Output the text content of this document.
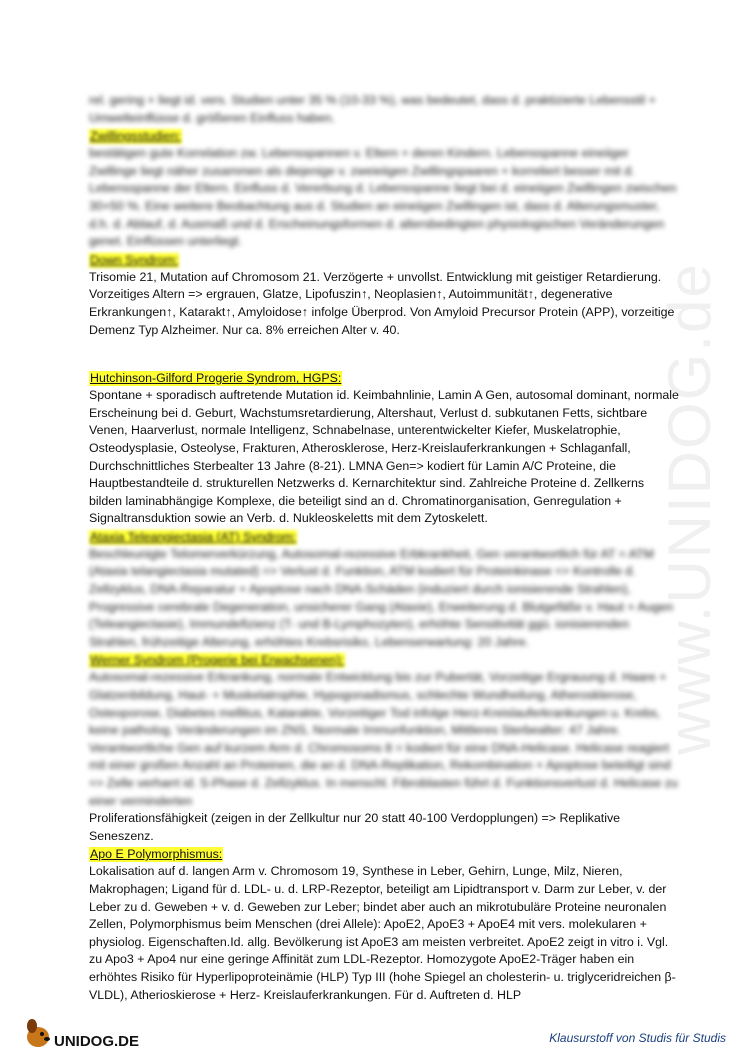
www.UNIDOG.de

rel. gering + liegt id. vers. Studien unter 35 % (10-33 %), was bedeutet, dass d. praktizierte Lebensstil + Umwelteinflüsse d. größeren Einfluss haben.

Zwillingsstudien:

bestätigen gute Korrelation zw. Lebensspannen v. Eltern + deren Kindern. Lebensspanne eineiiger Zwillinge liegt näher zusammen als diejenige v. zweieiigen Zwillingspaaren + korreliert besser mit d. Lebensspanne der Eltern. Einfluss d. Vererbung d. Lebensspanne liegt bei d. eineiigen Zwillingen zwischen 30+50 %. Eine weitere Beobachtung aus d. Studien an eineiigen Zwillingen ist, dass d. Alterungsmuster, d.h. d. Ablauf, d. Ausmaß und d. Erscheinungsformen d. altersbedingten physiologischen Veränderungen genet. Einflüssen unterliegt.

Down Syndrom:

Trisomie 21, Mutation auf Chromosom 21. Verzögerte + unvollst. Entwicklung mit geistiger Retardierung. Vorzeitiges Altern => ergrauen, Glatze, Lipofuszin↑, Neoplasien↑, Autoimmunität↑, degenerative Erkrankungen↑, Katarakt↑, Amyloidose↑ infolge Überprod. Von Amyloid Precursor Protein (APP), vorzeitige Demenz Typ Alzheimer. Nur ca. 8% erreichen Alter v. 40.

Hutchinson-Gilford Progerie Syndrom, HGPS:

Spontane + sporadisch auftretende Mutation id. Keimbahnlinie, Lamin A Gen, autosomal dominant, normale Erscheinung bei d. Geburt, Wachstumsretardierung, Altershaut, Verlust d. subkutanen Fetts, sichtbare Venen, Haarverlust, normale Intelligenz, Schnabelnase, unterentwickelter Kiefer, Muskelatrophie, Osteodysplasie, Osteolyse, Frakturen, Atherosklerose, Herz-Kreislauferkrankungen + Schlaganfall, Durchschnittliches Sterbealter 13 Jahre (8-21). LMNA Gen=> kodiert für Lamin A/C Proteine, die Hauptbestandteile d. strukturellen Netzwerks d. Kernarchitektur sind. Zahlreiche Proteine d. Zellkerns bilden laminabhängige Komplexe, die beteiligt sind an d. Chromatinorganisation, Genregulation + Signaltransduktion sowie an Verb. d. Nukleoskeletts mit dem Zytoskelett.

Ataxia Teleangiectasia (AT) Syndrom:

Beschleunigte Telomerverkürzung, Autosomal-rezessive Erbkrankheit, Gen verantwortlich für AT = ATM (Ataxia telangiectasia mutated) => Verlust d. Funktion, ATM kodiert für Proteinkinase => Kontrolle d. Zellzyklus, DNA-Reparatur + Apoptose nach DNA-Schäden (induziert durch ionisierende Strahlen), Progressive cerebrale Degeneration, unsicherer Gang (Ataxie), Erweiterung d. Blutgefäße v. Haut + Augen (Teleangiectasie), Immundefizienz (T- und B-Lymphozyten), erhöhte Sensitivität ggü. ionisierenden Strahlen, frühzeitige Alterung, erhöhtes Krebsrisiko, Lebenserwartung: 20 Jahre.

Werner Syndrom (Progerie bei Erwachsenen):

Autosomal-rezessive Erkrankung, normale Entwicklung bis zur Pubertät, Vorzeitige Ergrauung d. Haare + Glatzenbildung, Haut- + Muskelatrophie, Hypogonadismus, schlechte Wundheilung, Atherosklerose, Osteoporose, Diabetes mellitus, Katarakte, Vorzeitiger Tod infolge Herz-Kreislauferkrankungen u. Krebs, keine patholog. Veränderungen im ZNS, Normale Immunfunktion, Mittleres Sterbealter: 47 Jahre. Verantwortliche Gen auf kurzem Arm d. Chromosoms 8 = kodiert für eine DNA-Helicase. Helicase reagiert mit einer großen Anzahl an Proteinen, die an d. DNA-Replikation, Rekombination + Apoptose beteiligt sind => Zelle verharrt id. S-Phase d. Zellzyklus. In menschl. Fibroblasten führt d. Funktionsverlust d. Helicase zu einer verminderten

Proliferationsfähigkeit (zeigen in der Zellkultur nur 20 statt 40-100 Verdopplungen) => Replikative Seneszenz.

Apo E Polymorphismus:

Lokalisation auf d. langen Arm v. Chromosom 19, Synthese in Leber, Gehirn, Lunge, Milz, Nieren, Makrophagen; Ligand für d. LDL- u. d. LRP-Rezeptor, beteiligt am Lipidtransport v. Darm zur Leber, v. der Leber zu d. Geweben + v. d. Geweben zur Leber; bindet aber auch an mikrotubuläre Proteine neuronalen Zellen, Polymorphismus beim Menschen (drei Allele): ApoE2, ApoE3 + ApoE4 mit vers. molekularen + physiolog. Eigenschaften.Id. allg. Bevölkerung ist ApoE3 am meisten verbreitet. ApoE2 zeigt in vitro i. Vgl. zu Apo3 + Apo4 nur eine geringe Affinität zum LDL-Rezeptor. Homozygote ApoE2-Träger haben ein erhöhtes Risiko für Hyperlipoproteinämie (HLP) Typ III (hohe Spiegel an cholesterin- u. triglyceridreichen β-VLDL), Atherioskierose + Herz- Kreislauferkrankungen. Für d. Auftreten d. HLP

UNIDOG.DE	Klausurstoff von Studis für Studis
